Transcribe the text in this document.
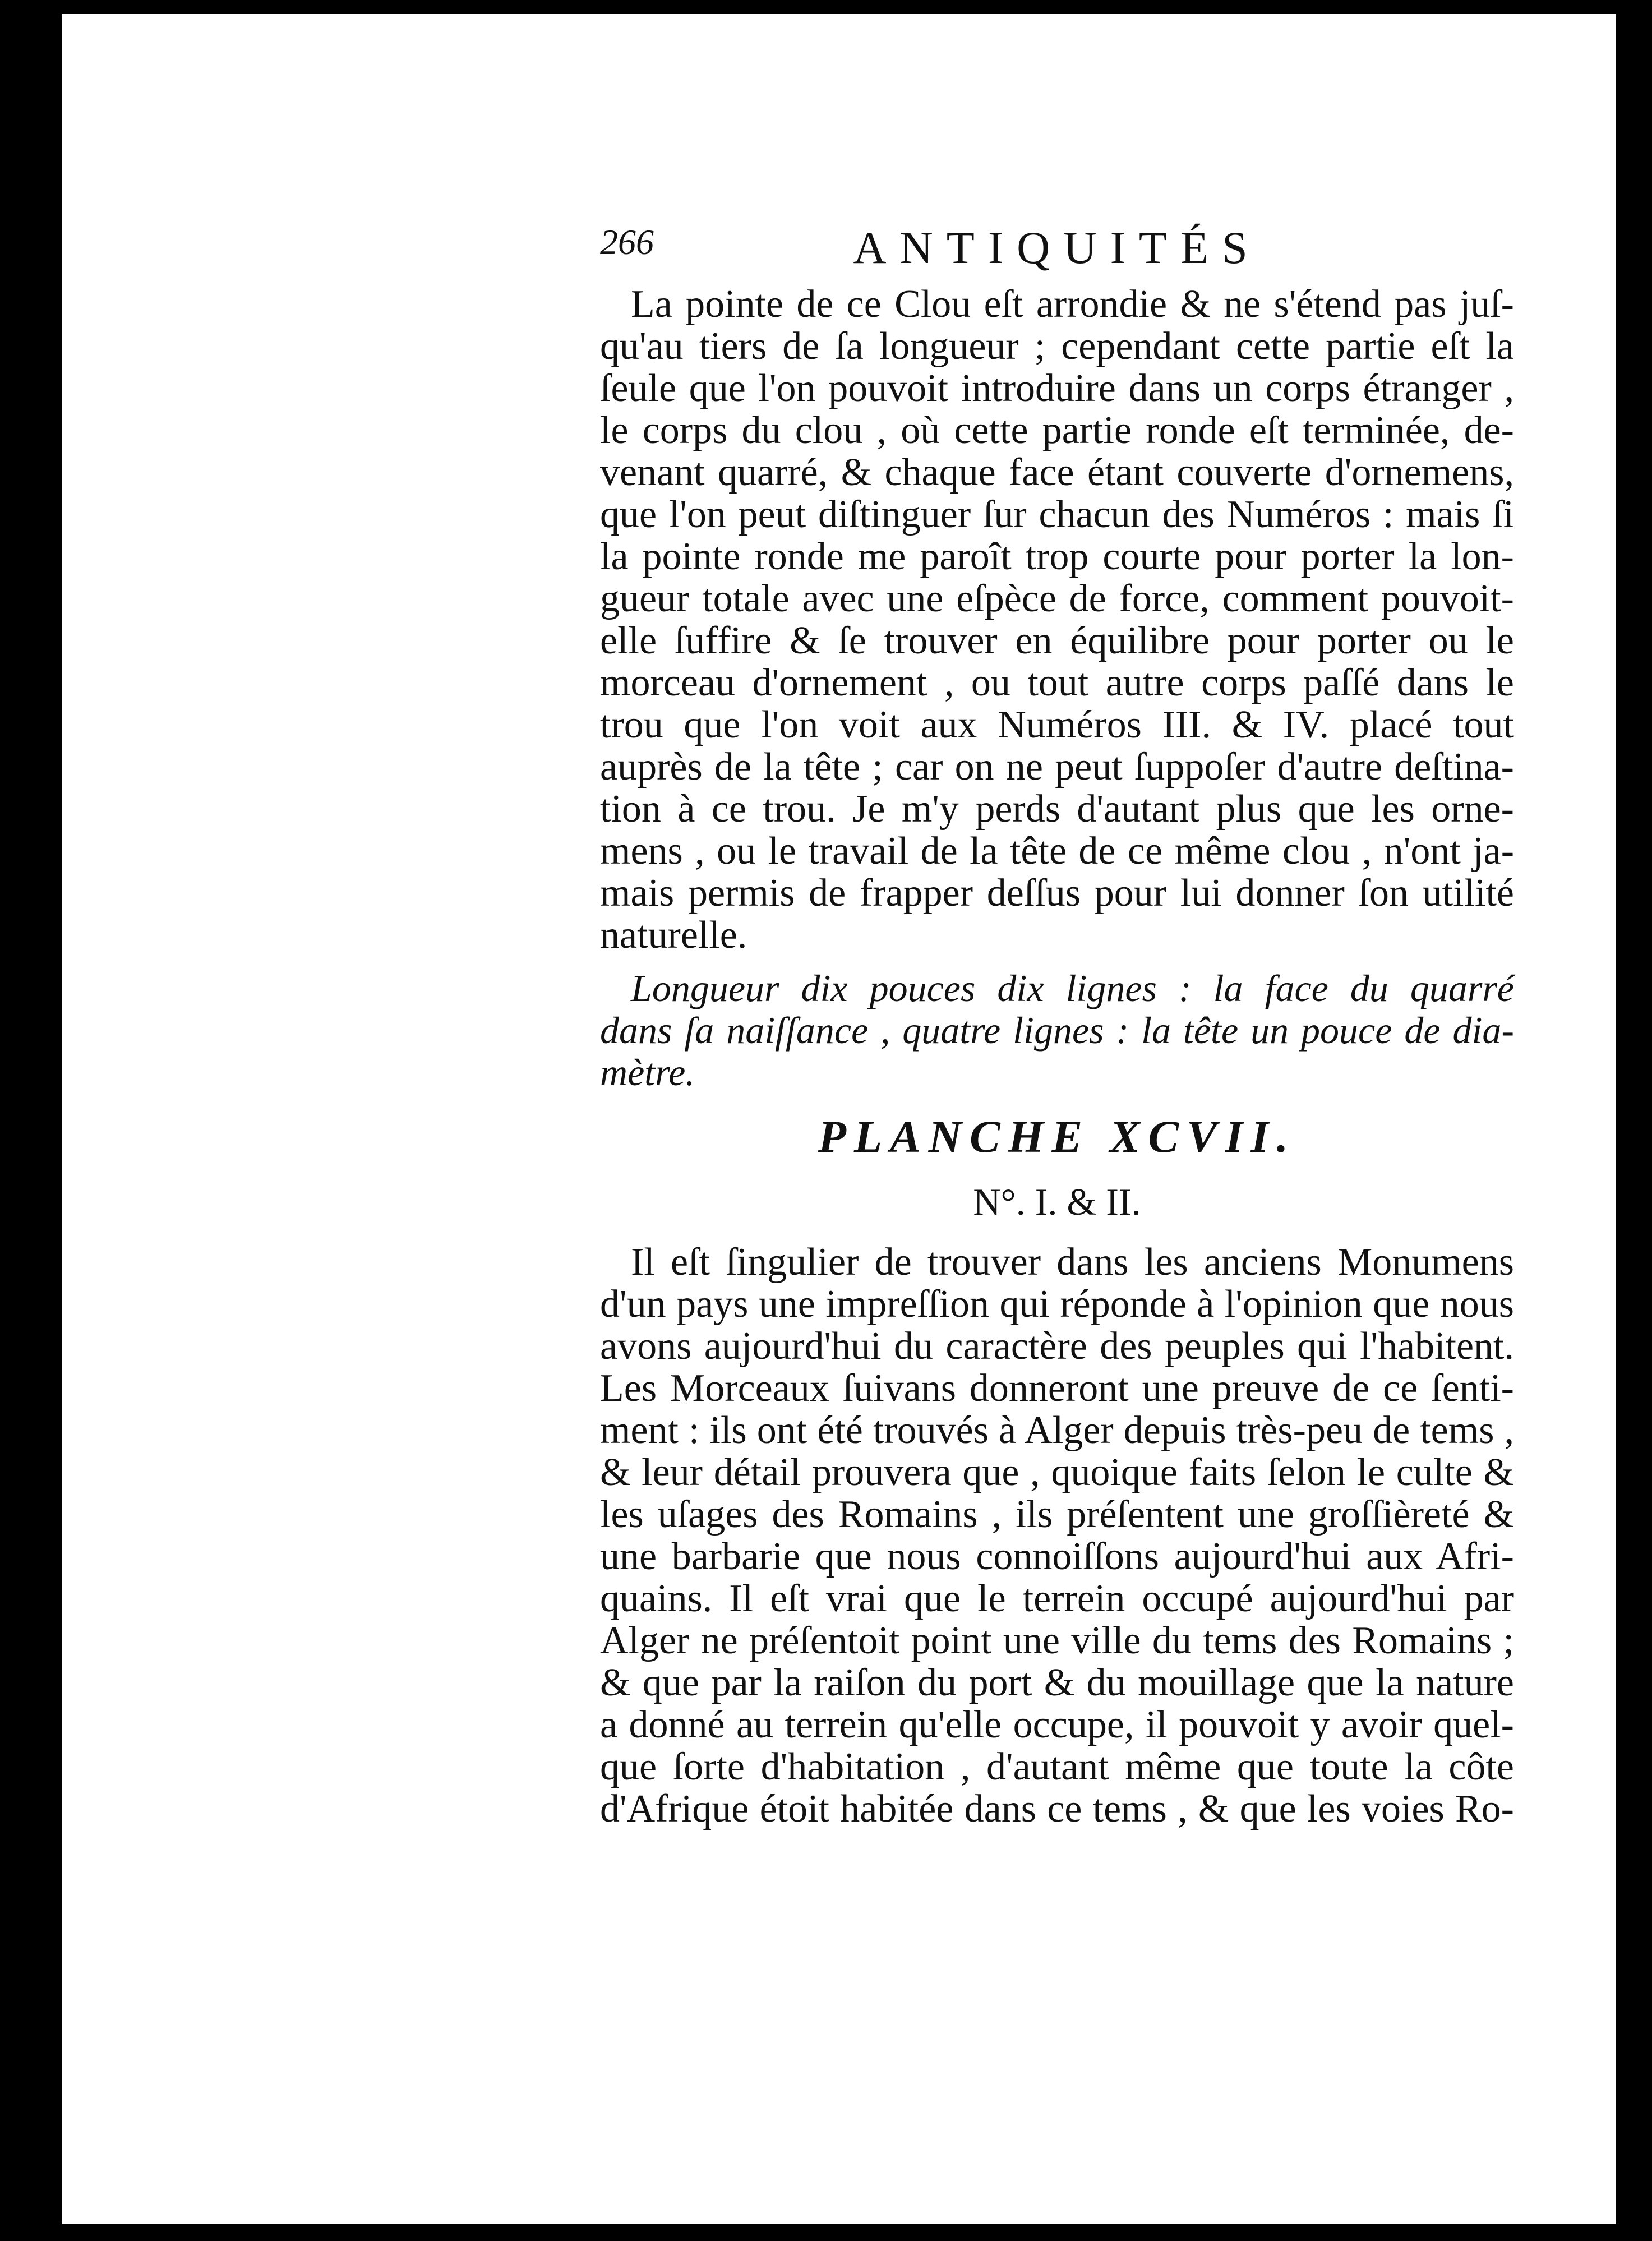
266	ANTIQUITÉS
La pointe de ce Clou eſt arrondie & ne s'étend pas juſ-
qu'au tiers de ſa longueur ; cependant cette partie eſt la
ſeule que l'on pouvoit introduire dans un corps étranger ,
le corps du clou , où cette partie ronde eſt terminée, de-
venant quarré, & chaque face étant couverte d'ornemens,
que l'on peut diſtinguer ſur chacun des Numéros : mais ſi
la pointe ronde me paroît trop courte pour porter la lon-
gueur totale avec une eſpèce de force, comment pouvoit-
elle ſuffire & ſe trouver en équilibre pour porter ou le
morceau d'ornement , ou tout autre corps paſſé dans le
trou que l'on voit aux Numéros III. & IV. placé tout
auprès de la tête ; car on ne peut ſuppoſer d'autre deſtina-
tion à ce trou. Je m'y perds d'autant plus que les orne-
mens , ou le travail de la tête de ce même clou , n'ont ja-
mais permis de frapper deſſus pour lui donner ſon utilité
naturelle.
Longueur dix pouces dix lignes : la face du quarré
dans ſa naiſſance , quatre lignes : la tête un pouce de dia-
mètre.
PLANCHE XCVII.
N°. I. & II.
Il eſt ſingulier de trouver dans les anciens Monumens
d'un pays une impreſſion qui réponde à l'opinion que nous
avons aujourd'hui du caractère des peuples qui l'habitent.
Les Morceaux ſuivans donneront une preuve de ce ſenti-
ment : ils ont été trouvés à Alger depuis très-peu de tems ,
& leur détail prouvera que , quoique faits ſelon le culte &
les uſages des Romains , ils préſentent une groſſièreté &
une barbarie que nous connoiſſons aujourd'hui aux Afri-
quains. Il eſt vrai que le terrein occupé aujourd'hui par
Alger ne préſentoit point une ville du tems des Romains ;
& que par la raiſon du port & du mouillage que la nature
a donné au terrein qu'elle occupe, il pouvoit y avoir quel-
que ſorte d'habitation , d'autant même que toute la côte
d'Afrique étoit habitée dans ce tems , & que les voies Ro-
